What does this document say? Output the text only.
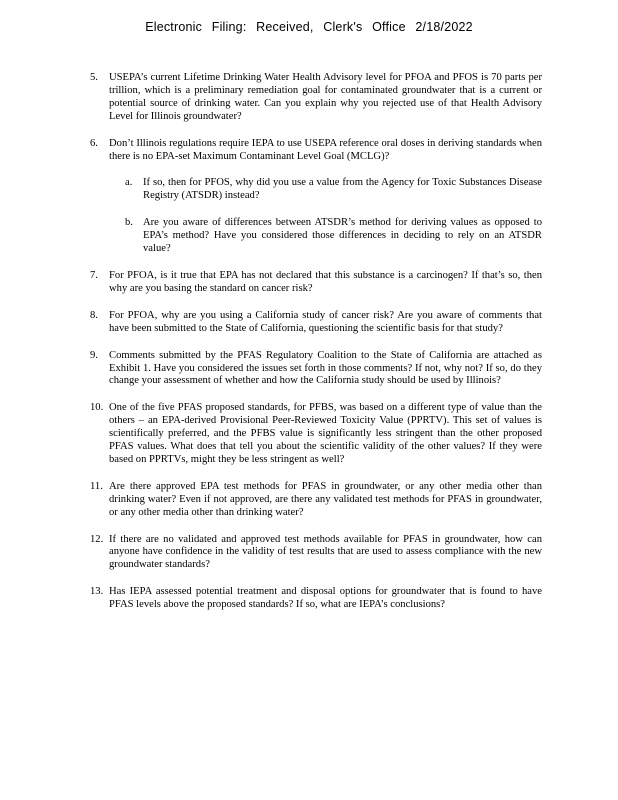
Electronic Filing: Received, Clerk's Office 2/18/2022
5. USEPA’s current Lifetime Drinking Water Health Advisory level for PFOA and PFOS is 70 parts per trillion, which is a preliminary remediation goal for contaminated groundwater that is a current or potential source of drinking water. Can you explain why you rejected use of that Health Advisory Level for Illinois groundwater?
6. Don’t Illinois regulations require IEPA to use USEPA reference oral doses in deriving standards when there is no EPA-set Maximum Contaminant Level Goal (MCLG)?
a. If so, then for PFOS, why did you use a value from the Agency for Toxic Substances Disease Registry (ATSDR) instead?
b. Are you aware of differences between ATSDR’s method for deriving values as opposed to EPA’s method? Have you considered those differences in deciding to rely on an ATSDR value?
7. For PFOA, is it true that EPA has not declared that this substance is a carcinogen? If that’s so, then why are you basing the standard on cancer risk?
8. For PFOA, why are you using a California study of cancer risk? Are you aware of comments that have been submitted to the State of California, questioning the scientific basis for that study?
9. Comments submitted by the PFAS Regulatory Coalition to the State of California are attached as Exhibit 1. Have you considered the issues set forth in those comments? If not, why not? If so, do they change your assessment of whether and how the California study should be used by Illinois?
10. One of the five PFAS proposed standards, for PFBS, was based on a different type of value than the others – an EPA-derived Provisional Peer-Reviewed Toxicity Value (PPRTV). This set of values is scientifically preferred, and the PFBS value is significantly less stringent than the other proposed PFAS values. What does that tell you about the scientific validity of the other values? If they were based on PPRTVs, might they be less stringent as well?
11. Are there approved EPA test methods for PFAS in groundwater, or any other media other than drinking water? Even if not approved, are there any validated test methods for PFAS in groundwater, or any other media other than drinking water?
12. If there are no validated and approved test methods available for PFAS in groundwater, how can anyone have confidence in the validity of test results that are used to assess compliance with the new groundwater standards?
13. Has IEPA assessed potential treatment and disposal options for groundwater that is found to have PFAS levels above the proposed standards? If so, what are IEPA’s conclusions?
